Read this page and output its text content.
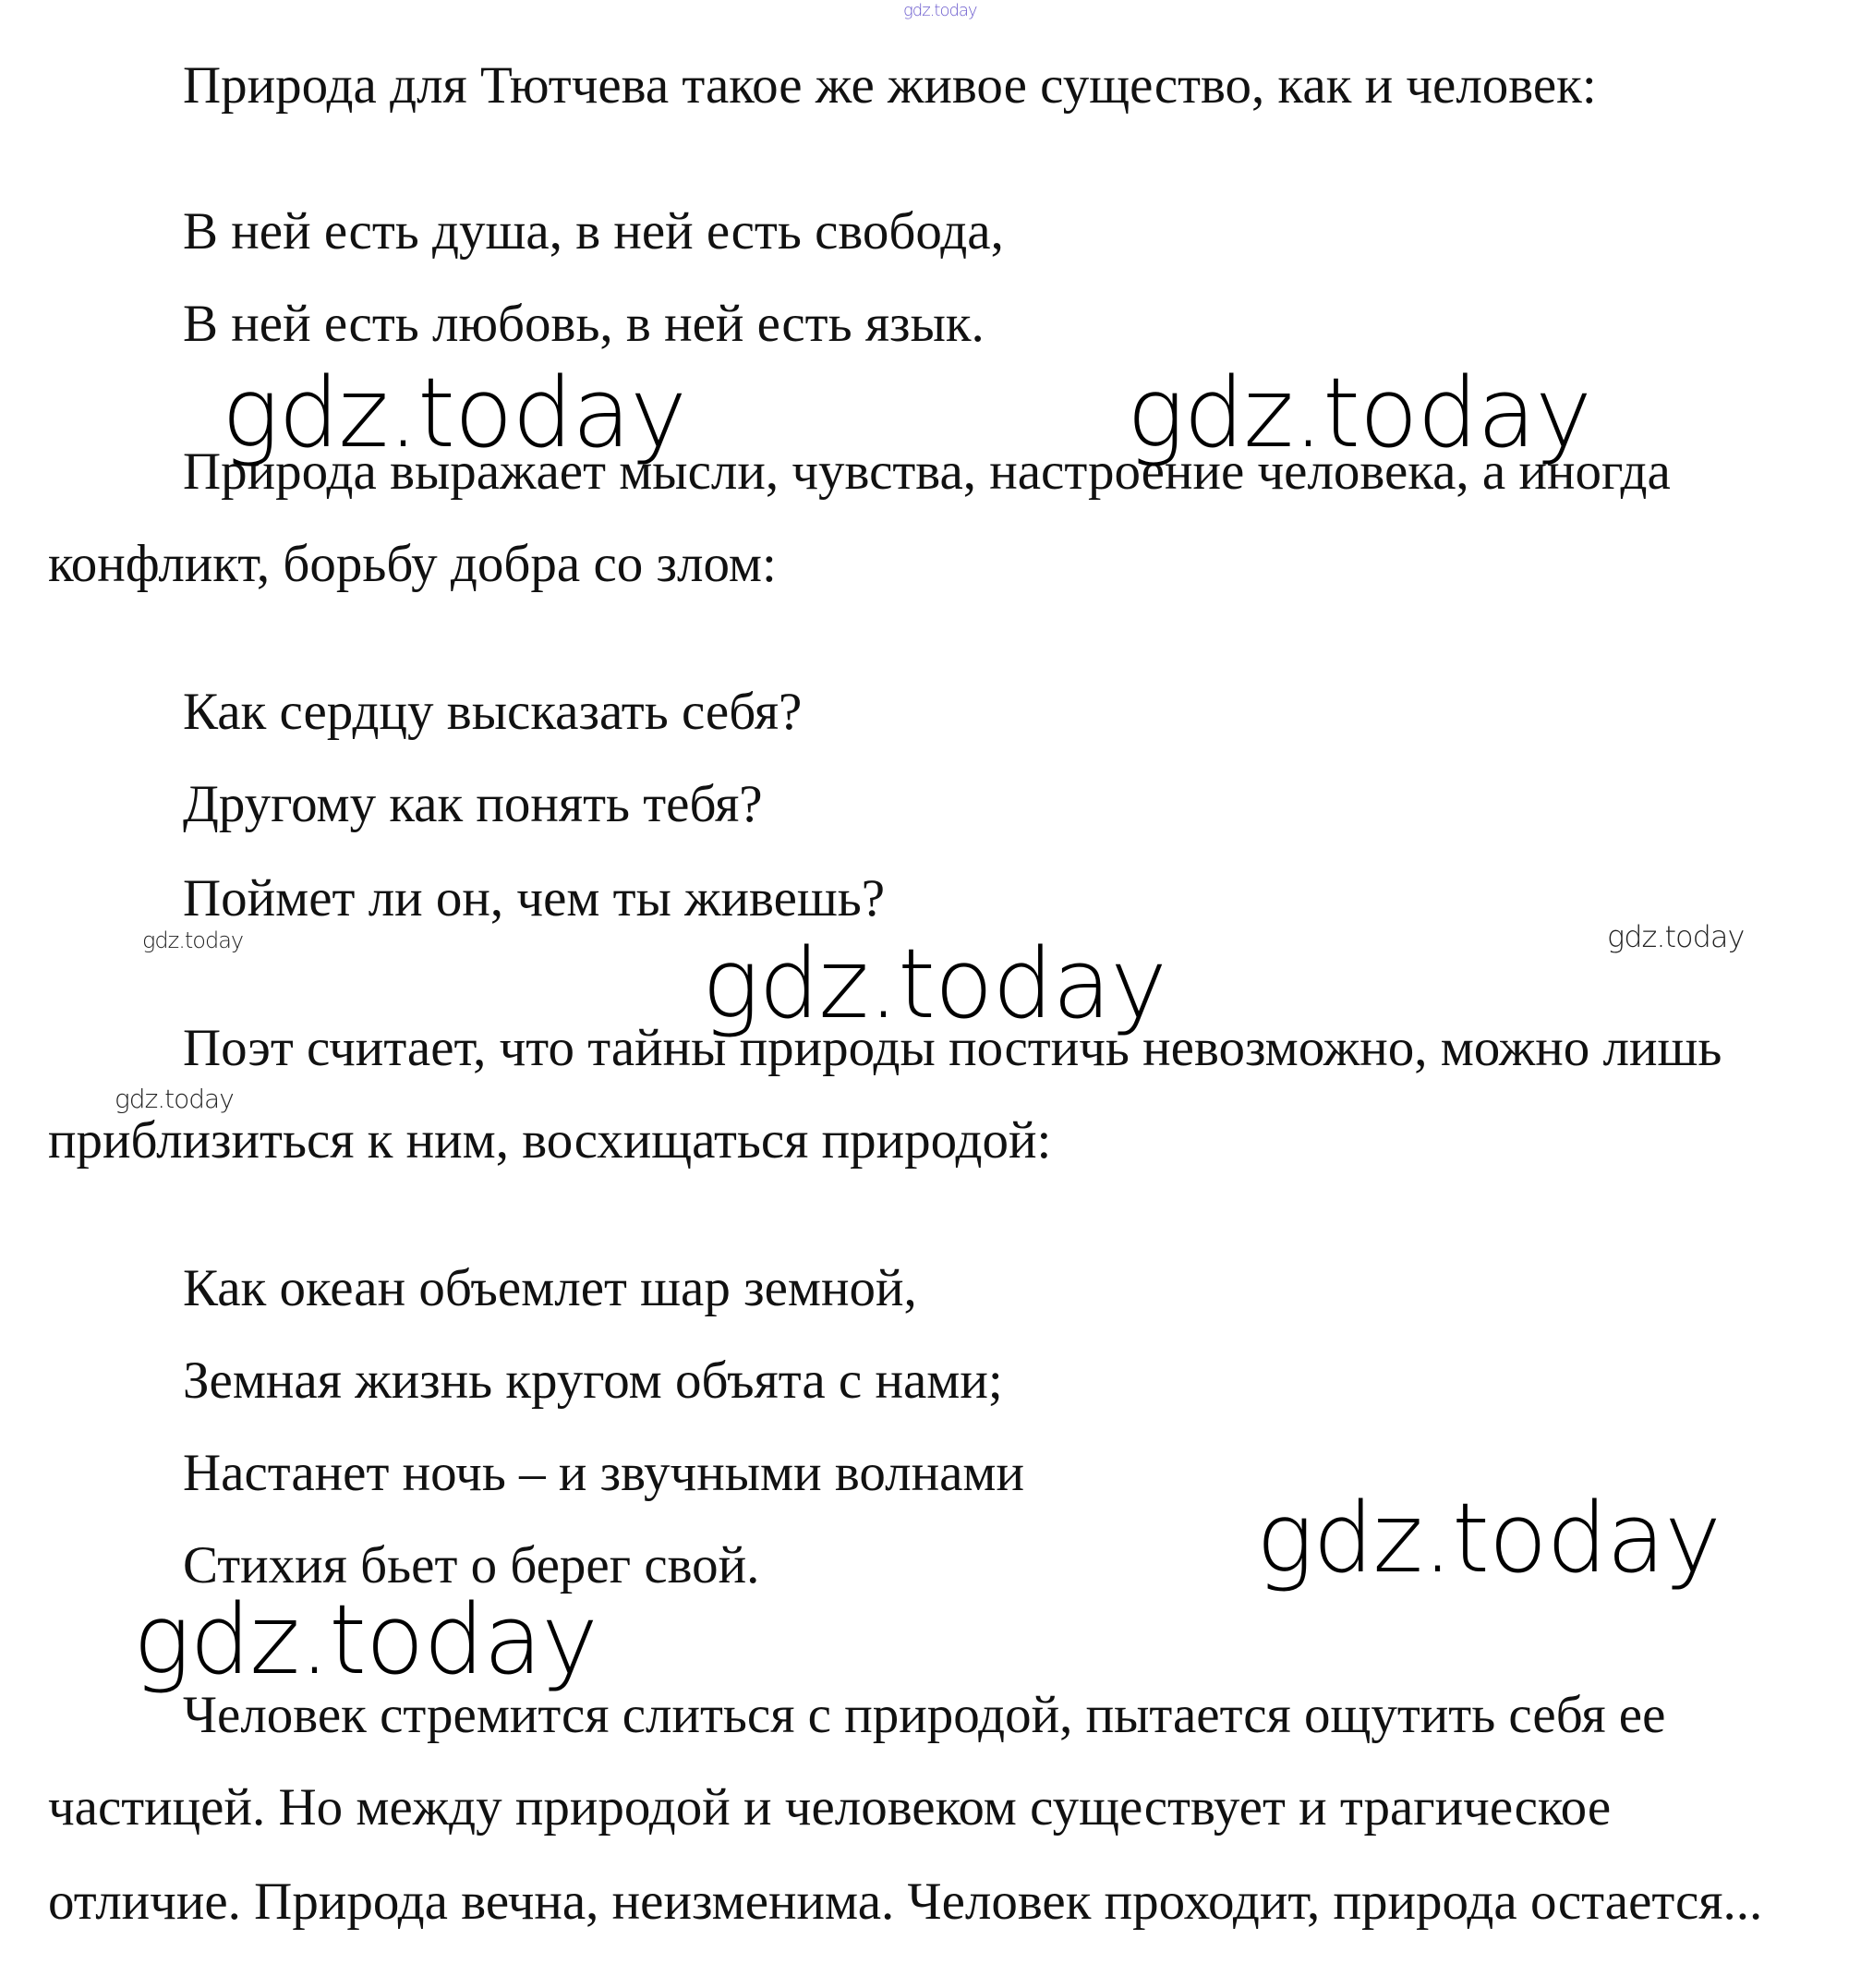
gdz.today
Природа для Тютчева такое же живое существо, как и человек:
В ней есть душа, в ней есть свобода,
В ней есть любовь, в ней есть язык.
Природа выражает мысли, чувства, настроение человека, а иногда
конфликт, борьбу добра со злом:
Как сердцу высказать себя?
Другому как понять тебя?
Поймет ли он, чем ты живешь?
Поэт считает, что тайны природы постичь невозможно, можно лишь
приблизиться к ним, восхищаться природой:
Как океан объемлет шар земной,
Земная жизнь кругом объята с нами;
Настанет ночь – и звучными волнами
Стихия бьет о берег свой.
Человек стремится слиться с природой, пытается ощутить себя ее
частицей. Но между природой и человеком существует и трагическое
отличие. Природа вечна, неизменима. Человек проходит, природа остается...
gdz.today	gdz.today
gdz.today
gdz.today
gdz.today
gdz.today	gdz.today
gdz.today
